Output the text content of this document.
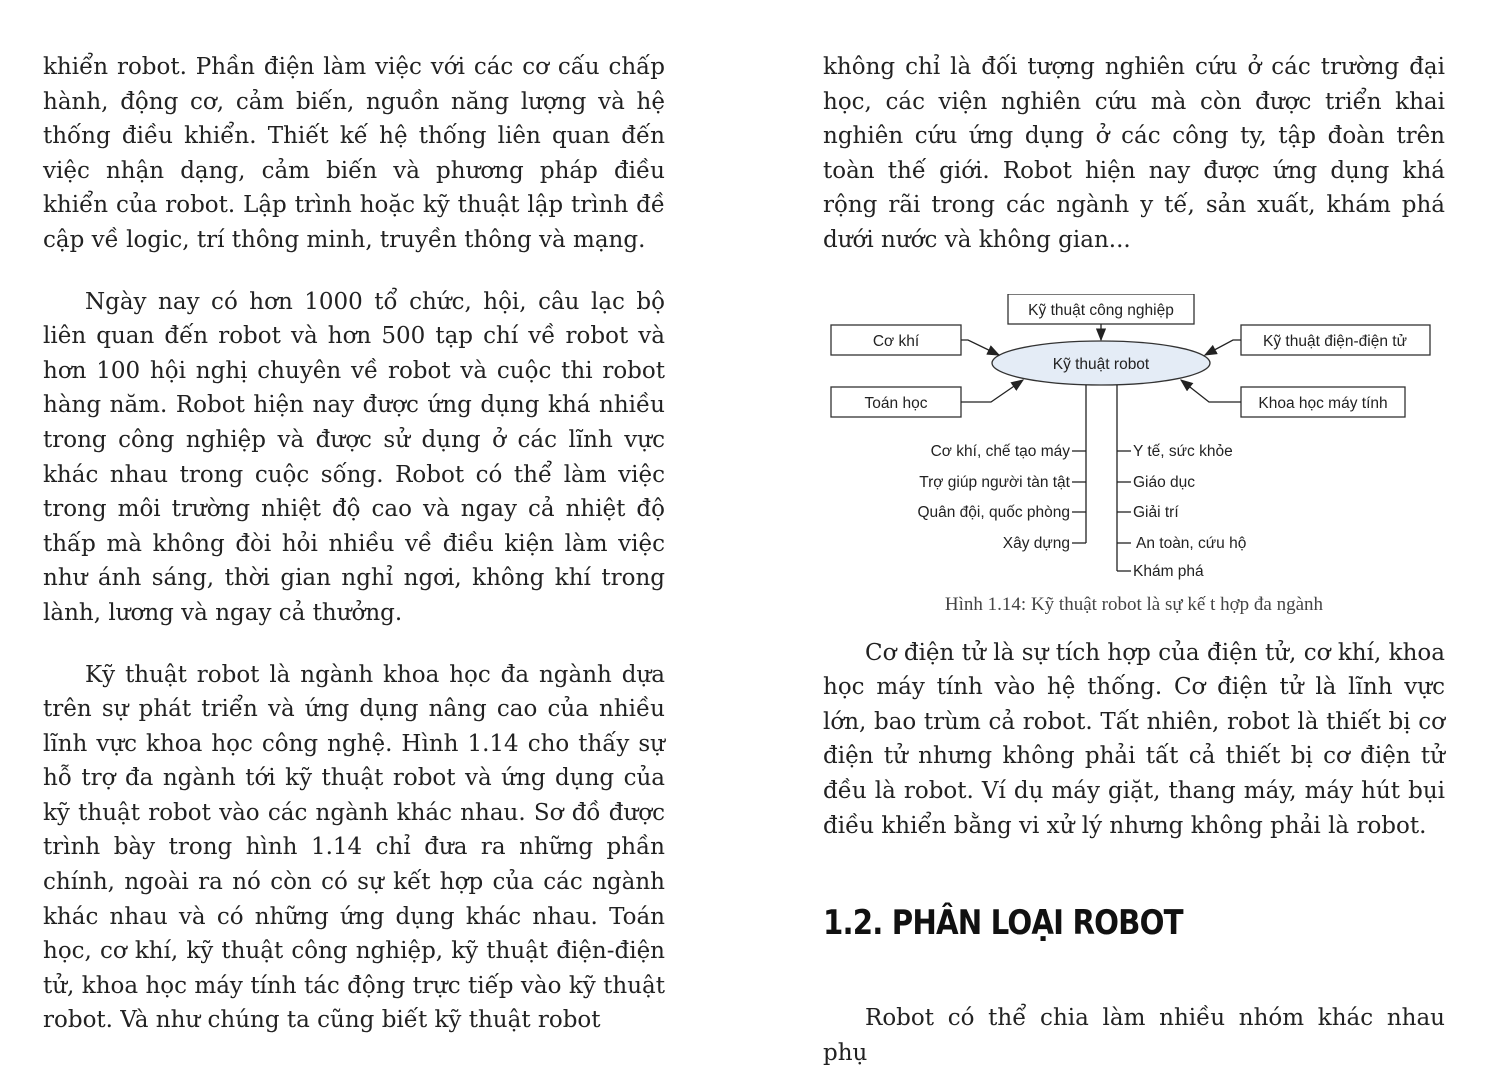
khiển robot. Phần điện làm việc với các cơ cấu chấp hành, động cơ, cảm biến, nguồn năng lượng và hệ thống điều khiển. Thiết kế hệ thống liên quan đến việc nhận dạng, cảm biến và phương pháp điều khiển của robot. Lập trình hoặc kỹ thuật lập trình đề cập về logic, trí thông minh, truyền thông và mạng.

Ngày nay có hơn 1000 tổ chức, hội, câu lạc bộ liên quan đến robot và hơn 500 tạp chí về robot và hơn 100 hội nghị chuyên về robot và cuộc thi robot hàng năm. Robot hiện nay được ứng dụng khá nhiều trong công nghiệp và được sử dụng ở các lĩnh vực khác nhau trong cuộc sống. Robot có thể làm việc trong môi trường nhiệt độ cao và ngay cả nhiệt độ thấp mà không đòi hỏi nhiều về điều kiện làm việc như ánh sáng, thời gian nghỉ ngơi, không khí trong lành, lương và ngay cả thưởng.

Kỹ thuật robot là ngành khoa học đa ngành dựa trên sự phát triển và ứng dụng nâng cao của nhiều lĩnh vực khoa học công nghệ. Hình 1.14 cho thấy sự hỗ trợ đa ngành tới kỹ thuật robot và ứng dụng của kỹ thuật robot vào các ngành khác nhau. Sơ đồ được trình bày trong hình 1.14 chỉ đưa ra những phần chính, ngoài ra nó còn có sự kết hợp của các ngành khác nhau và có những ứng dụng khác nhau. Toán học, cơ khí, kỹ thuật công nghiệp, kỹ thuật điện-điện tử, khoa học máy tính tác động trực tiếp vào kỹ thuật robot. Và như chúng ta cũng biết kỹ thuật robot

không chỉ là đối tượng nghiên cứu ở các trường đại học, các viện nghiên cứu mà còn được triển khai nghiên cứu ứng dụng ở các công ty, tập đoàn trên toàn thế giới. Robot hiện nay được ứng dụng khá rộng rãi trong các ngành y tế, sản xuất, khám phá dưới nước và không gian...

Kỹ thuật công nghiệp
Cơ khí	Kỹ thuật điện-điện tử
Toán học	Khoa học máy tính
Kỹ thuật robot
Cơ khí, chế tạo máy
Trợ giúp người tàn tật
Quân đội, quốc phòng
Xây dựng
Y tế, sức khỏe
Giáo dục
Giải trí
An toàn, cứu hộ
Khám phá
Hình 1.14: Kỹ thuật robot là sự kế t hợp đa ngành

Cơ điện tử là sự tích hợp của điện tử, cơ khí, khoa học máy tính vào hệ thống. Cơ điện tử là lĩnh vực lớn, bao trùm cả robot. Tất nhiên, robot là thiết bị cơ điện tử nhưng không phải tất cả thiết bị cơ điện tử đều là robot. Ví dụ máy giặt, thang máy, máy hút bụi điều khiển bằng vi xử lý nhưng không phải là robot.

1.2. PHÂN LOẠI ROBOT

Robot có thể chia làm nhiều nhóm khác nhau phụ
